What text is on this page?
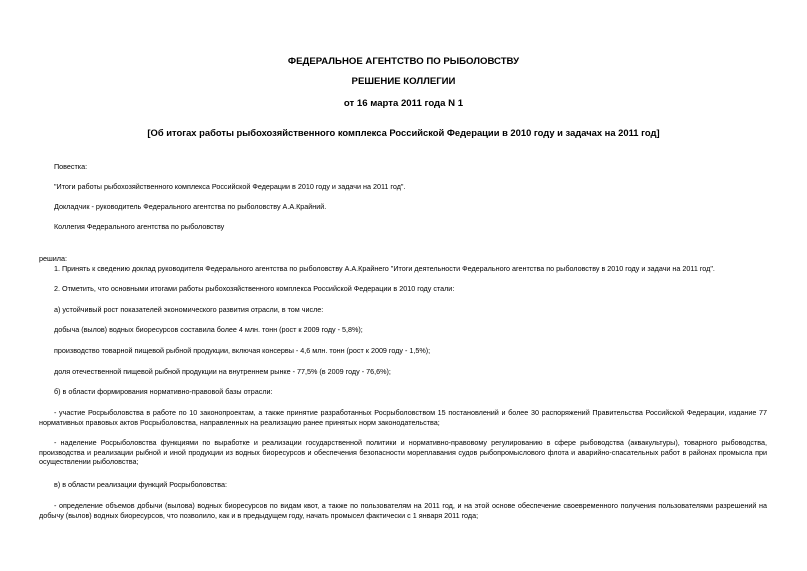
ФЕДЕРАЛЬНОЕ АГЕНТСТВО ПО РЫБОЛОВСТВУ
РЕШЕНИЕ КОЛЛЕГИИ
от 16 марта 2011 года N 1
[Об итогах работы рыбохозяйственного комплекса Российской Федерации в 2010 году и задачах на 2011 год]
Повестка:
"Итоги работы рыбохозяйственного комплекса Российской Федерации в 2010 году и задачи на 2011 год".
Докладчик - руководитель Федерального агентства по рыболовству А.А.Крайний.
Коллегия Федерального агентства по рыболовству
решила:
1. Принять к сведению доклад руководителя Федерального агентства по рыболовству А.А.Крайнего "Итоги деятельности Федерального агентства по рыболовству в 2010 году и задачи на 2011 год".
2. Отметить, что основными итогами работы рыбохозяйственного комплекса Российской Федерации в 2010 году стали:
а) устойчивый рост показателей экономического развития отрасли, в том числе:
добыча (вылов) водных биоресурсов составила более 4 млн. тонн (рост к 2009 году - 5,8%);
производство товарной пищевой рыбной продукции, включая консервы - 4,6 млн. тонн (рост к 2009 году - 1,5%);
доля отечественной пищевой рыбной продукции на внутреннем рынке - 77,5% (в 2009 году - 76,6%);
б) в области формирования нормативно-правовой базы отрасли:
- участие Росрыболовства в работе по 10 законопроектам, а также принятие разработанных Росрыболовством 15 постановлений и более 30 распоряжений Правительства Российской Федерации, издание 77 нормативных правовых актов Росрыболовства, направленных на реализацию ранее принятых норм законодательства;
- наделение Росрыболовства функциями по выработке и реализации государственной политики и нормативно-правовому регулированию в сфере рыбоводства (аквакультуры), товарного рыбоводства, производства и реализации рыбной и иной продукции из водных биоресурсов и обеспечения безопасности мореплавания судов рыбопромыслового флота и аварийно-спасательных работ в районах промысла при осуществлении рыболовства;
в) в области реализации функций Росрыболовства:
- определение объемов добычи (вылова) водных биоресурсов по видам квот, а также по пользователям на 2011 год, и на этой основе обеспечение своевременного получения пользователями разрешений на добычу (вылов) водных биоресурсов, что позволило, как и в предыдущем году, начать промысел фактически с 1 января 2011 года;
